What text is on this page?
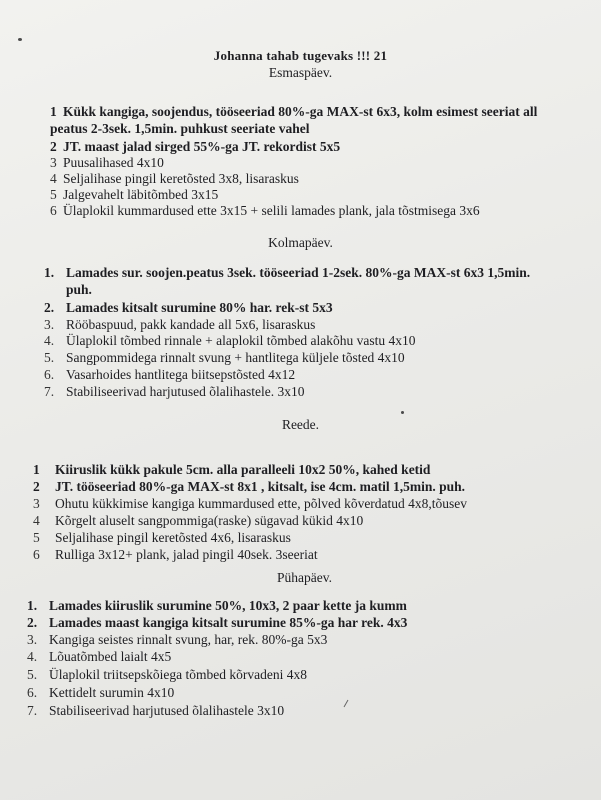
Johanna tahab tugevaks !!! 21
Esmaspäev.
1 Kükk kangiga, soojendus, tööseeriad 80%-ga MAX-st 6x3, kolm esimest seeriat all
peatus 2-3sek. 1,5min. puhkust seeriate vahel
2 JT. maast jalad sirged 55%-ga JT. rekordist 5x5
3 Puusalihased 4x10
4 Seljalihase pingil keretõsted 3x8, lisaraskus
5 Jalgevahelt läbitõmbed 3x15
6 Ülaplokil kummardused ette 3x15 + selili lamades plank, jala tõstmisega 3x6
Kolmapäev.
1. Lamades sur. soojen.peatus 3sek. tööseeriad 1-2sek. 80%-ga MAX-st 6x3 1,5min.
puh.
2. Lamades kitsalt surumine 80% har. rek-st 5x3
3. Rööbaspuud, pakk kandade all 5x6, lisaraskus
4. Ülaplokil tõmbed rinnale + alaplokil tõmbed alakõhu vastu 4x10
5. Sangpommidega rinnalt svung + hantlitega küljele tõsted 4x10
6. Vasarhoides hantlitega biitsepstõsted 4x12
7. Stabiliseerivad harjutused õlalihastele. 3x10
Reede.
1 Kiiruslik kükk pakule 5cm. alla paralleeli 10x2 50%, kahed ketid
2 JT. tööseeriad 80%-ga MAX-st 8x1 , kitsalt, ise 4cm. matil 1,5min. puh.
3 Ohutu kükkimise kangiga kummardused ette, põlved kõverdatud 4x8,tõusev
4 Kõrgelt aluselt sangpommiga(raske) sügavad kükid 4x10
5 Seljalihase pingil keretõsted 4x6, lisaraskus
6 Rulliga 3x12+ plank, jalad pingil 40sek. 3seeriat
Pühapäev.
1. Lamades kiiruslik surumine 50%, 10x3, 2 paar kette ja kumm
2. Lamades maast kangiga kitsalt surumine 85%-ga har rek. 4x3
3. Kangiga seistes rinnalt svung, har, rek. 80%-ga 5x3
4. Lõuatõmbed laialt 4x5
5. Ülaplokil triitsepskõiega tõmbed kõrvadeni 4x8
6. Kettidelt surumin 4x10
7. Stabiliseerivad harjutused õlalihastele 3x10
